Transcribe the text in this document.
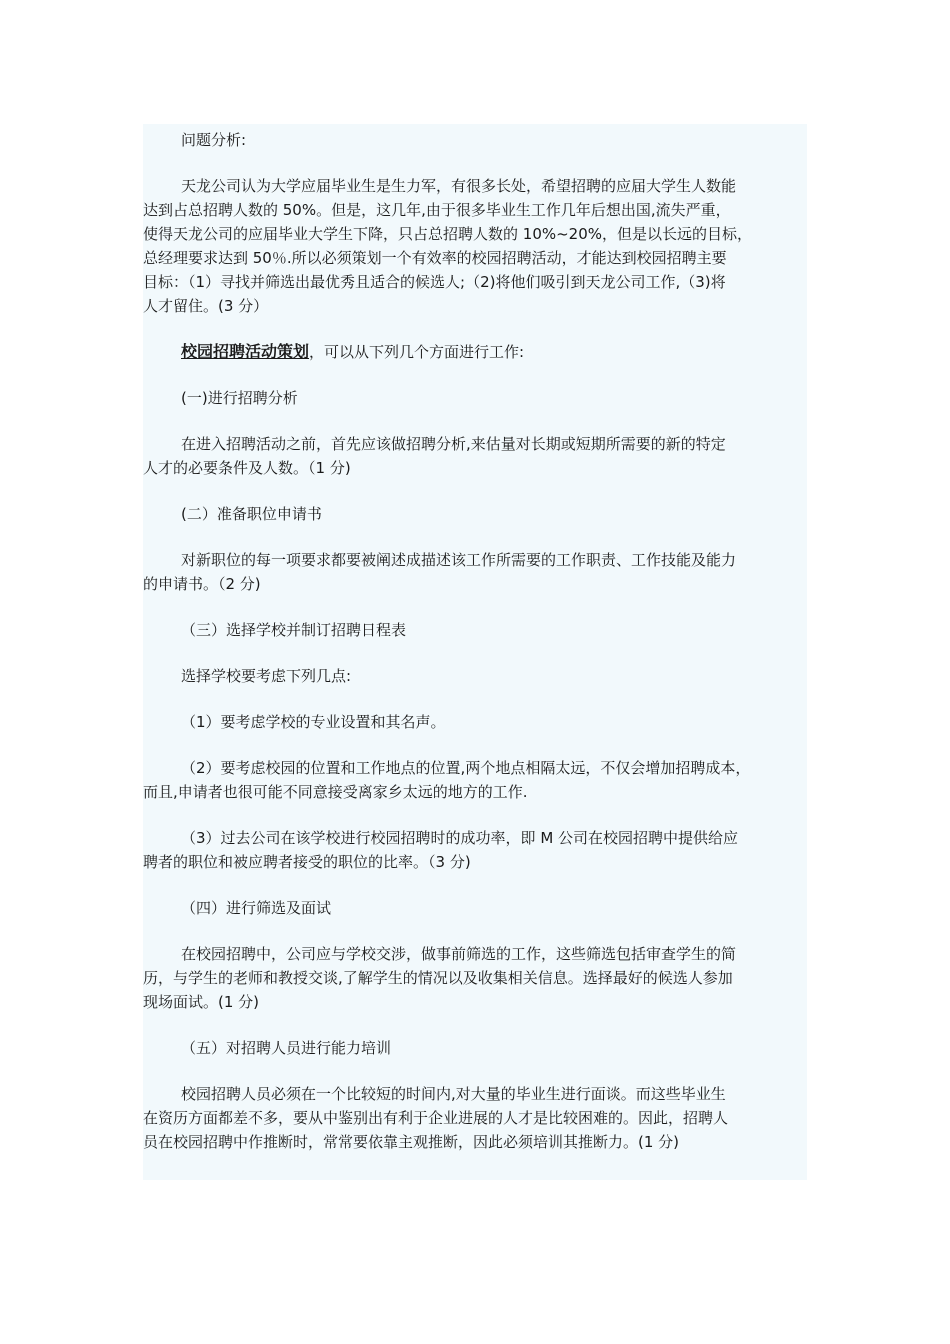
问题分析:

天龙公司认为大学应届毕业生是生力军，有很多长处，希望招聘的应届大学生人数能
达到占总招聘人数的 50%。但是，这几年,由于很多毕业生工作几年后想出国,流失严重，
使得天龙公司的应届毕业大学生下降，只占总招聘人数的 10%~20%，但是以长远的目标，
总经理要求达到 50％.所以必须策划一个有效率的校园招聘活动，才能达到校园招聘主要
目标：（1）寻找并筛选出最优秀且适合的候选人;（2)将他们吸引到天龙公司工作,（3)将
人才留住。(3 分）

校园招聘活动策划，可以从下列几个方面进行工作:

(一)进行招聘分析

在进入招聘活动之前，首先应该做招聘分析,来估量对长期或短期所需要的新的特定
人才的必要条件及人数。（1 分)

(二）准备职位申请书

对新职位的每一项要求都要被阐述成描述该工作所需要的工作职责、工作技能及能力
的申请书。（2 分)

（三）选择学校并制订招聘日程表

选择学校要考虑下列几点:

（1）要考虑学校的专业设置和其名声。

（2）要考虑校园的位置和工作地点的位置,两个地点相隔太远，不仅会增加招聘成本，
而且,申请者也很可能不同意接受离家乡太远的地方的工作.

（3）过去公司在该学校进行校园招聘时的成功率，即 M 公司在校园招聘中提供给应
聘者的职位和被应聘者接受的职位的比率。（3 分)

（四）进行筛选及面试

在校园招聘中，公司应与学校交涉，做事前筛选的工作，这些筛选包括审查学生的简
历，与学生的老师和教授交谈,了解学生的情况以及收集相关信息。选择最好的候选人参加
现场面试。(1 分)

（五）对招聘人员进行能力培训

校园招聘人员必须在一个比较短的时间内,对大量的毕业生进行面谈。而这些毕业生
在资历方面都差不多，要从中鉴别出有利于企业进展的人才是比较困难的。因此，招聘人
员在校园招聘中作推断时，常常要依靠主观推断，因此必须培训其推断力。(1 分)
